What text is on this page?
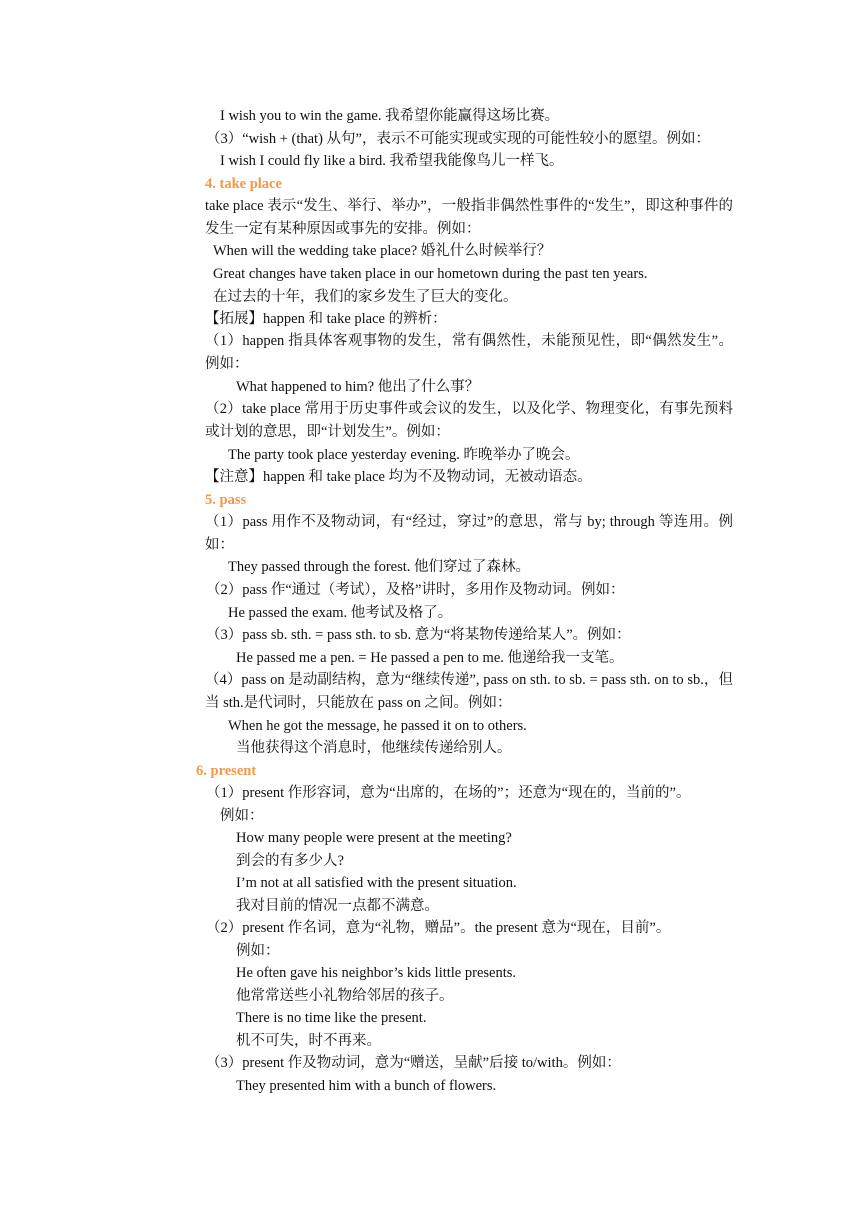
I wish you to win the game. 我希望你能赢得这场比赛。
（3）“wish + (that) 从句”，表示不可能实现或实现的可能性较小的愿望。例如：
I wish I could fly like a bird. 我希望我能像鸟儿一样飞。
4. take place
take place 表示“发生、举行、举办”，一般指非偶然性事件的“发生”，即这种事件的发生一定有某种原因或事先的安排。例如：
When will the wedding take place? 婚礼什么时候举行？
Great changes have taken place in our hometown during the past ten years.
在过去的十年，我们的家乡发生了巨大的变化。
【拓展】happen 和 take place 的辨析：
（1）happen 指具体客观事物的发生，常有偶然性，未能预见性，即“偶然发生”。例如：
What happened to him? 他出了什么事？
（2）take place 常用于历史事件或会议的发生，以及化学、物理变化，有事先预料或计划的意思，即“计划发生”。例如：
The party took place yesterday evening. 昨晚举办了晚会。
【注意】happen 和 take place 均为不及物动词，无被动语态。
5. pass
（1）pass 用作不及物动词，有“经过，穿过”的意思，常与 by; through 等连用。例如：
They passed through the forest. 他们穿过了森林。
（2）pass 作“通过（考试），及格”讲时，多用作及物动词。例如：
He passed the exam. 他考试及格了。
（3）pass sb. sth. = pass sth. to sb. 意为“将某物传递给某人”。例如：
He passed me a pen. = He passed a pen to me. 他递给我一支笔。
（4）pass on 是动副结构，意为“继续传递”, pass on sth. to sb. = pass sth. on to sb.，但当 sth.是代词时，只能放在 pass on 之间。例如：
When he got the message, he passed it on to others.
当他获得这个消息时，他继续传递给别人。
6. present
（1）present 作形容词，意为“出席的，在场的”；还意为“现在的，当前的”。
例如：
How many people were present at the meeting?
到会的有多少人?
I’m not at all satisfied with the present situation.
我对目前的情况一点都不满意。
（2）present 作名词，意为“礼物，赠品”。the present 意为“现在，目前”。
例如：
He often gave his neighbor’s kids little presents.
他常常送些小礼物给邻居的孩子。
There is no time like the present.
机不可失，时不再来。
（3）present 作及物动词，意为“赠送，呈献”后接 to/with。例如：
They presented him with a bunch of flowers.
